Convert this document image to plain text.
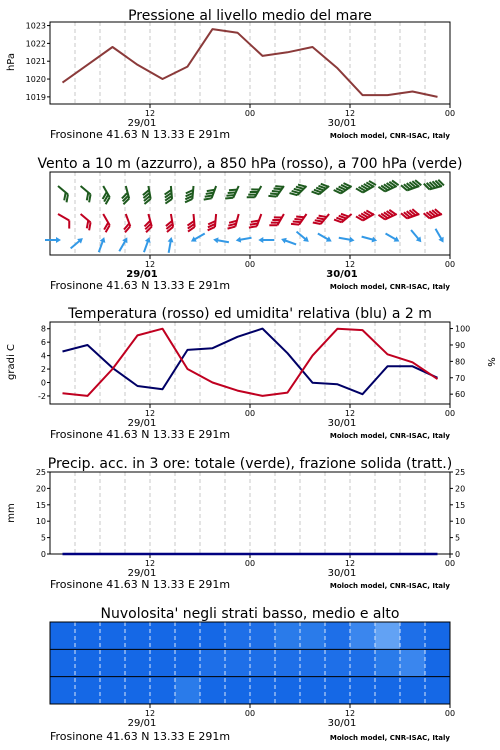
Pressione al livello medio del mare
hPa
Frosinone 41.63 N 13.33 E 291m	Moloch model, CNR-ISAC, Italy
12	00	12	00
29/01	30/01
1019
1020
1021
1022
1023
Vento a 10 m (azzurro), a 850 hPa (rosso), a 700 hPa (verde)
Frosinone 41.63 N 13.33 E 291m	Moloch model, CNR-ISAC, Italy
12	00	12	00
29/01	30/01
Temperatura (rosso) ed umidita' relativa (blu) a 2 m
gradi C	%
Frosinone 41.63 N 13.33 E 291m	Moloch model, CNR-ISAC, Italy
12	00	12	00
29/01	30/01
-2
0
2
4
6
8
60
70
80
90
100
Precip. acc. in 3 ore: totale (verde), frazione solida (tratt.)
mm
Frosinone 41.63 N 13.33 E 291m	Moloch model, CNR-ISAC, Italy
12	00	12	00
29/01	30/01
0
5
10
15
20
25
0
5
10
15
20
25
Nuvolosita' negli strati basso, medio e alto
Frosinone 41.63 N 13.33 E 291m	Moloch model, CNR-ISAC, Italy
12	00	12	00
29/01	30/01
